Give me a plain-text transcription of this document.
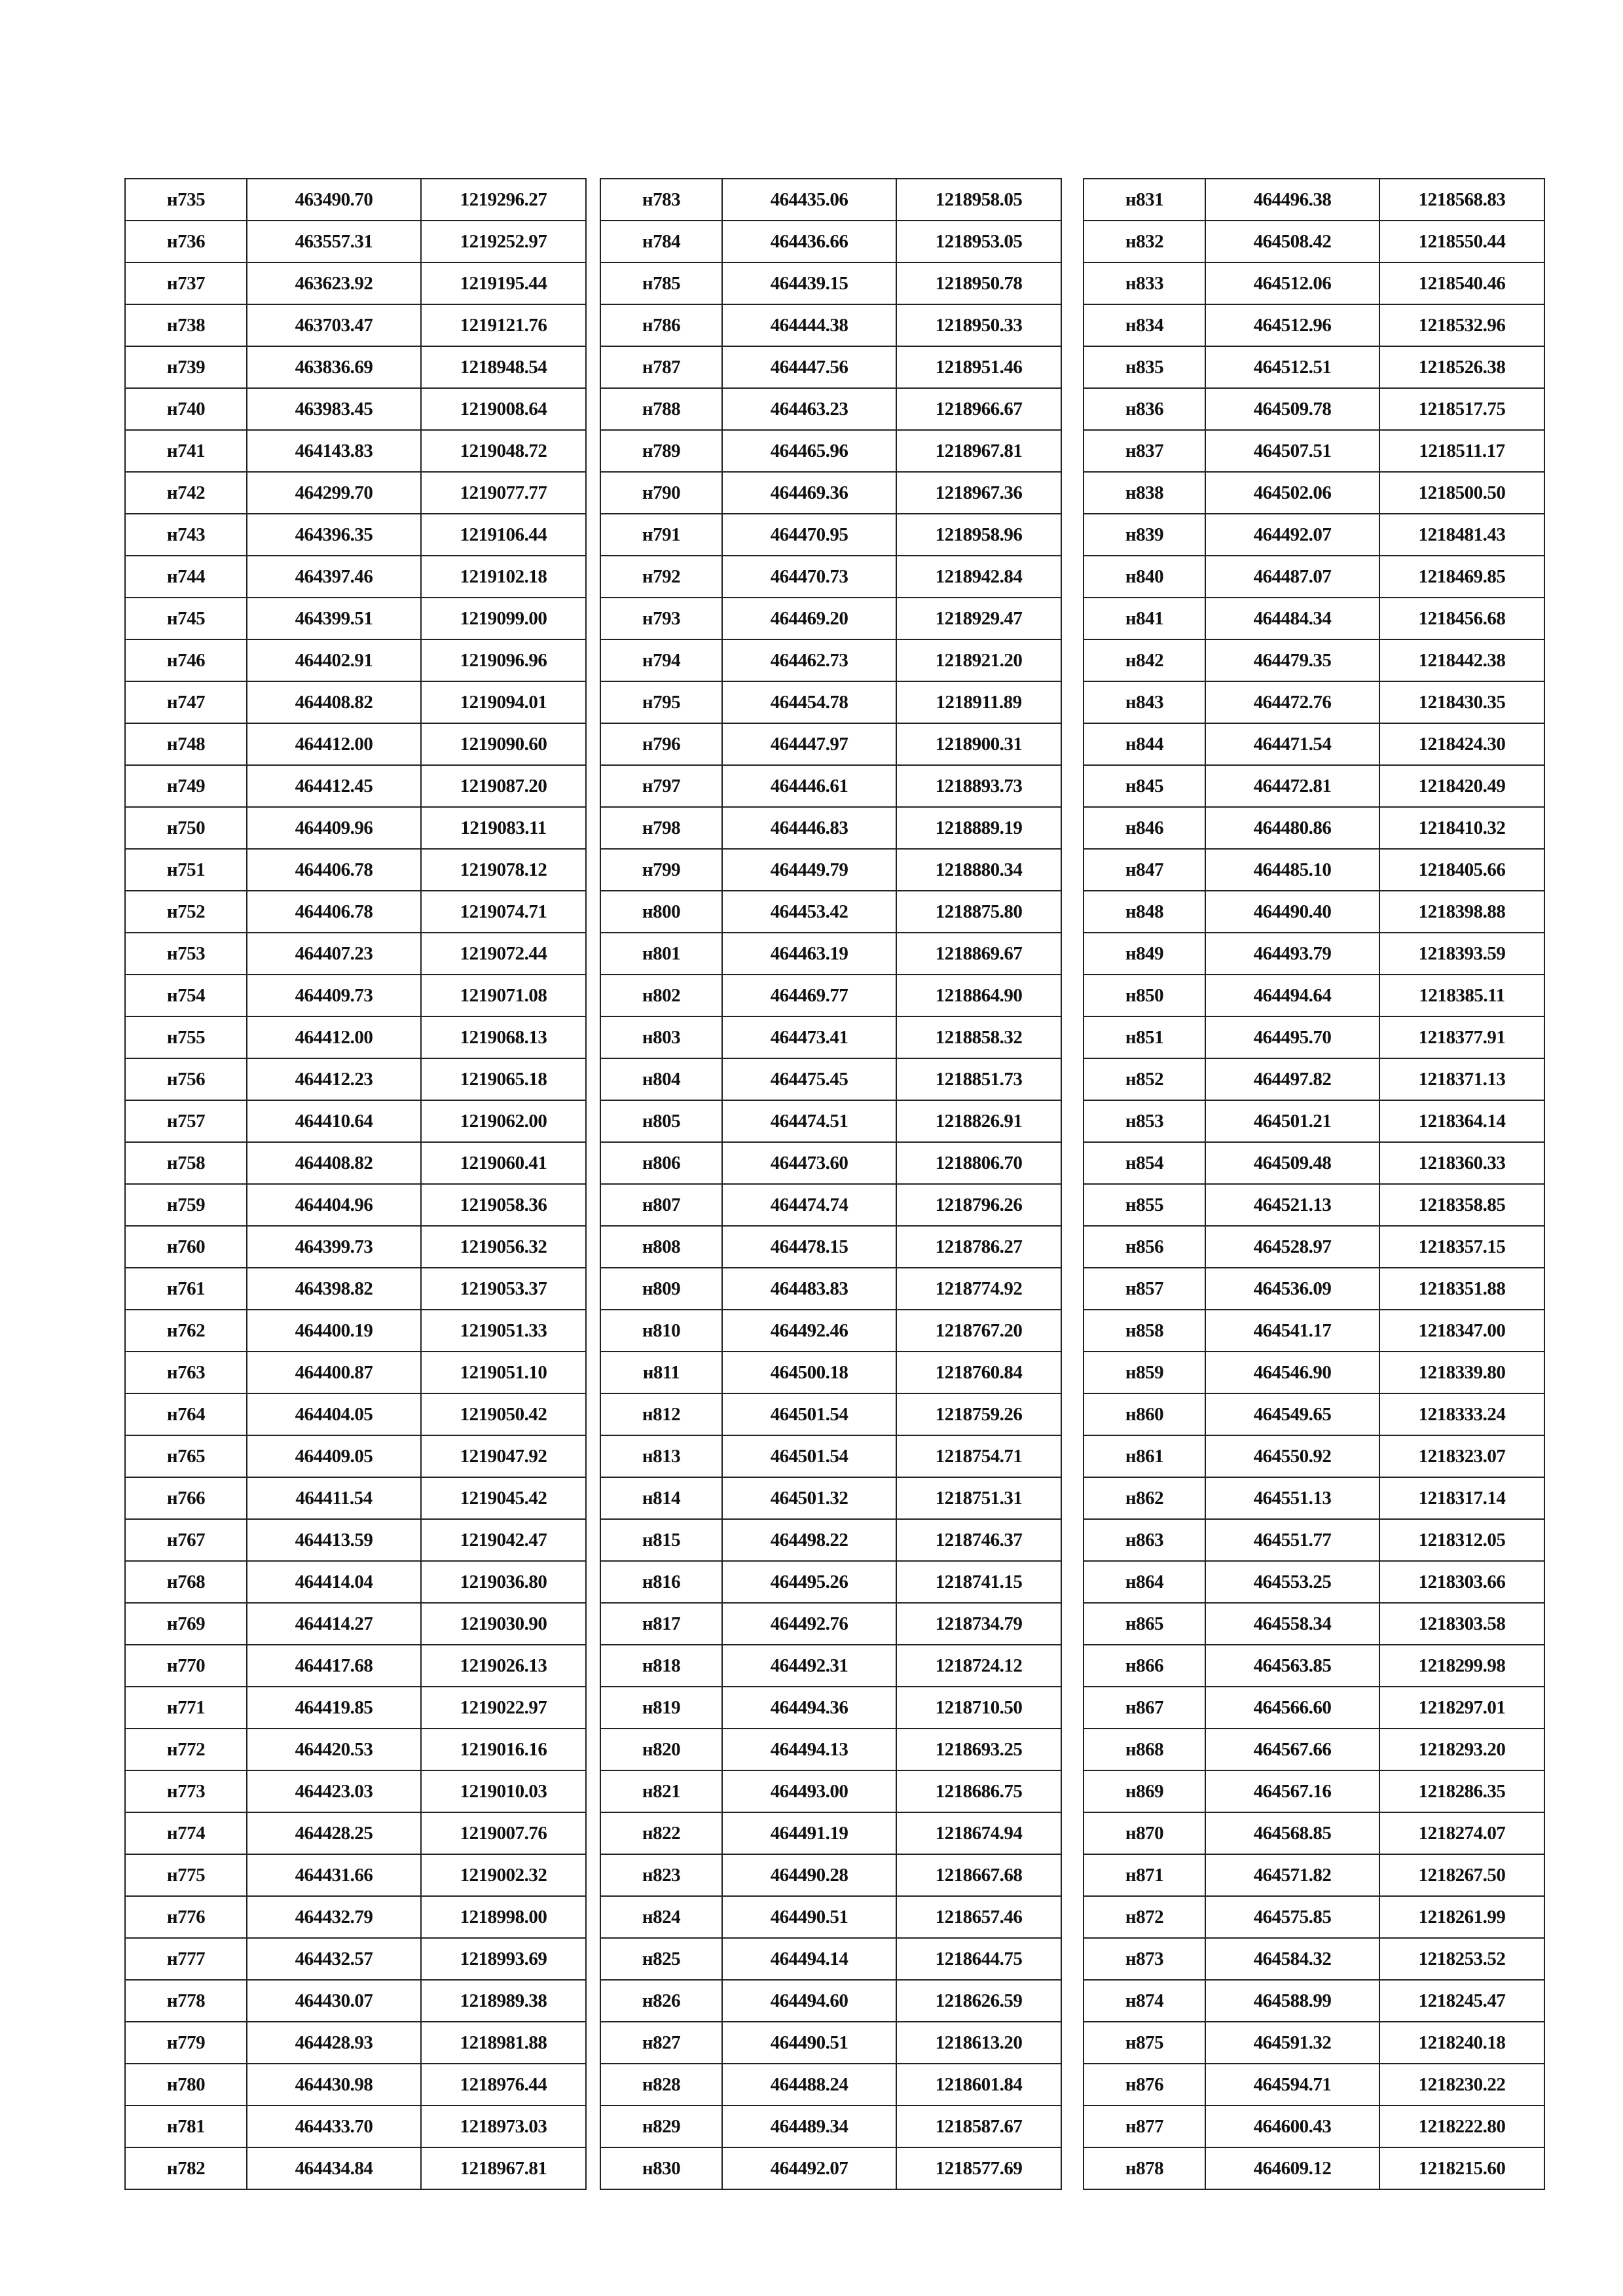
н735	463490.70	1219296.27
н736	463557.31	1219252.97
н737	463623.92	1219195.44
н738	463703.47	1219121.76
н739	463836.69	1218948.54
н740	463983.45	1219008.64
н741	464143.83	1219048.72
н742	464299.70	1219077.77
н743	464396.35	1219106.44
н744	464397.46	1219102.18
н745	464399.51	1219099.00
н746	464402.91	1219096.96
н747	464408.82	1219094.01
н748	464412.00	1219090.60
н749	464412.45	1219087.20
н750	464409.96	1219083.11
н751	464406.78	1219078.12
н752	464406.78	1219074.71
н753	464407.23	1219072.44
н754	464409.73	1219071.08
н755	464412.00	1219068.13
н756	464412.23	1219065.18
н757	464410.64	1219062.00
н758	464408.82	1219060.41
н759	464404.96	1219058.36
н760	464399.73	1219056.32
н761	464398.82	1219053.37
н762	464400.19	1219051.33
н763	464400.87	1219051.10
н764	464404.05	1219050.42
н765	464409.05	1219047.92
н766	464411.54	1219045.42
н767	464413.59	1219042.47
н768	464414.04	1219036.80
н769	464414.27	1219030.90
н770	464417.68	1219026.13
н771	464419.85	1219022.97
н772	464420.53	1219016.16
н773	464423.03	1219010.03
н774	464428.25	1219007.76
н775	464431.66	1219002.32
н776	464432.79	1218998.00
н777	464432.57	1218993.69
н778	464430.07	1218989.38
н779	464428.93	1218981.88
н780	464430.98	1218976.44
н781	464433.70	1218973.03
н782	464434.84	1218967.81
н783	464435.06	1218958.05
н784	464436.66	1218953.05
н785	464439.15	1218950.78
н786	464444.38	1218950.33
н787	464447.56	1218951.46
н788	464463.23	1218966.67
н789	464465.96	1218967.81
н790	464469.36	1218967.36
н791	464470.95	1218958.96
н792	464470.73	1218942.84
н793	464469.20	1218929.47
н794	464462.73	1218921.20
н795	464454.78	1218911.89
н796	464447.97	1218900.31
н797	464446.61	1218893.73
н798	464446.83	1218889.19
н799	464449.79	1218880.34
н800	464453.42	1218875.80
н801	464463.19	1218869.67
н802	464469.77	1218864.90
н803	464473.41	1218858.32
н804	464475.45	1218851.73
н805	464474.51	1218826.91
н806	464473.60	1218806.70
н807	464474.74	1218796.26
н808	464478.15	1218786.27
н809	464483.83	1218774.92
н810	464492.46	1218767.20
н811	464500.18	1218760.84
н812	464501.54	1218759.26
н813	464501.54	1218754.71
н814	464501.32	1218751.31
н815	464498.22	1218746.37
н816	464495.26	1218741.15
н817	464492.76	1218734.79
н818	464492.31	1218724.12
н819	464494.36	1218710.50
н820	464494.13	1218693.25
н821	464493.00	1218686.75
н822	464491.19	1218674.94
н823	464490.28	1218667.68
н824	464490.51	1218657.46
н825	464494.14	1218644.75
н826	464494.60	1218626.59
н827	464490.51	1218613.20
н828	464488.24	1218601.84
н829	464489.34	1218587.67
н830	464492.07	1218577.69
н831	464496.38	1218568.83
н832	464508.42	1218550.44
н833	464512.06	1218540.46
н834	464512.96	1218532.96
н835	464512.51	1218526.38
н836	464509.78	1218517.75
н837	464507.51	1218511.17
н838	464502.06	1218500.50
н839	464492.07	1218481.43
н840	464487.07	1218469.85
н841	464484.34	1218456.68
н842	464479.35	1218442.38
н843	464472.76	1218430.35
н844	464471.54	1218424.30
н845	464472.81	1218420.49
н846	464480.86	1218410.32
н847	464485.10	1218405.66
н848	464490.40	1218398.88
н849	464493.79	1218393.59
н850	464494.64	1218385.11
н851	464495.70	1218377.91
н852	464497.82	1218371.13
н853	464501.21	1218364.14
н854	464509.48	1218360.33
н855	464521.13	1218358.85
н856	464528.97	1218357.15
н857	464536.09	1218351.88
н858	464541.17	1218347.00
н859	464546.90	1218339.80
н860	464549.65	1218333.24
н861	464550.92	1218323.07
н862	464551.13	1218317.14
н863	464551.77	1218312.05
н864	464553.25	1218303.66
н865	464558.34	1218303.58
н866	464563.85	1218299.98
н867	464566.60	1218297.01
н868	464567.66	1218293.20
н869	464567.16	1218286.35
н870	464568.85	1218274.07
н871	464571.82	1218267.50
н872	464575.85	1218261.99
н873	464584.32	1218253.52
н874	464588.99	1218245.47
н875	464591.32	1218240.18
н876	464594.71	1218230.22
н877	464600.43	1218222.80
н878	464609.12	1218215.60
